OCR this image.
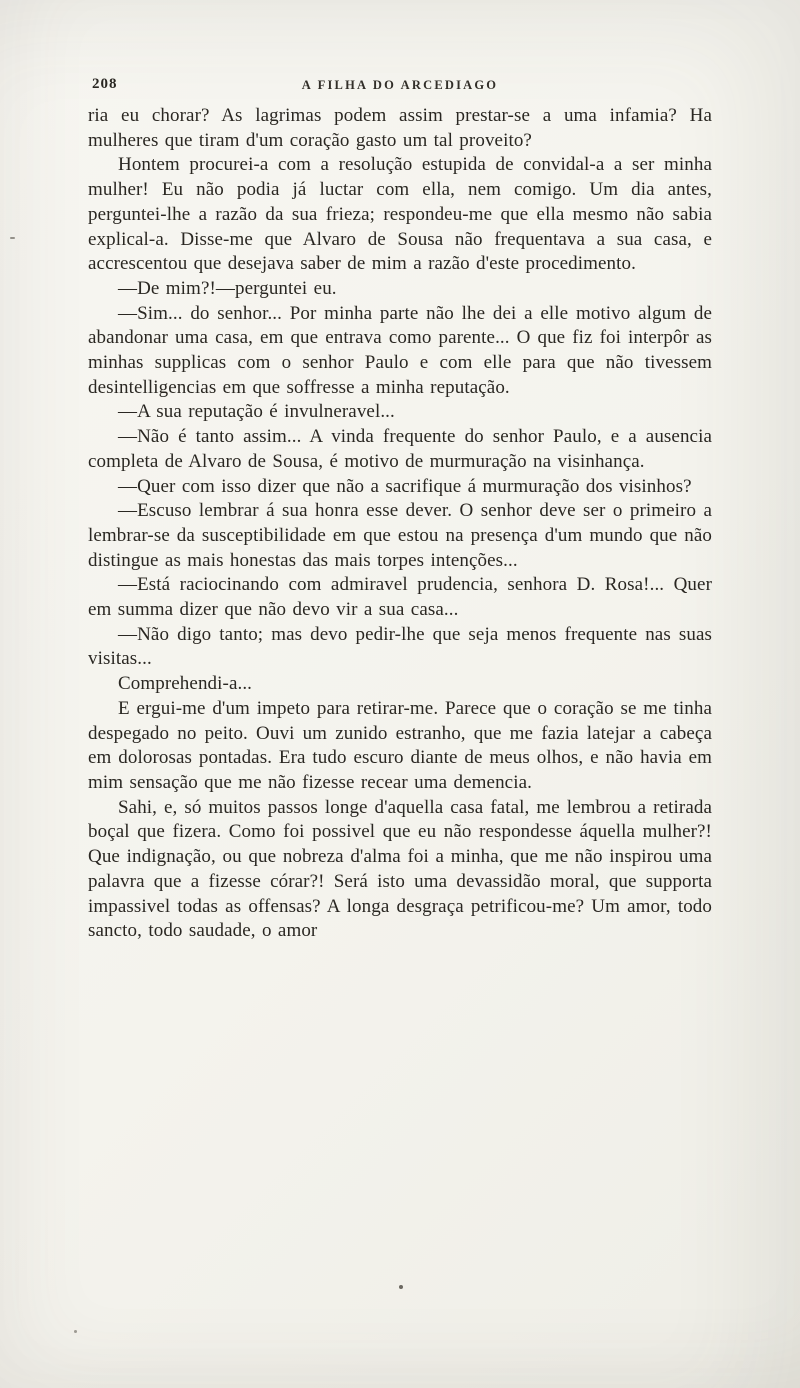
208	A FILHA DO ARCEDIAGO

ria eu chorar? As lagrimas podem assim prestar-se a uma infamia? Ha mulheres que tiram d'um coração gasto um tal proveito?

Hontem procurei-a com a resolução estupida de convidal-a a ser minha mulher! Eu não podia já luctar com ella, nem comigo. Um dia antes, perguntei-lhe a razão da sua frieza; respondeu-me que ella mesmo não sabia explical-a. Disse-me que Alvaro de Sousa não frequentava a sua casa, e accrescentou que desejava saber de mim a razão d'este procedimento.

—De mim?!—perguntei eu.

—Sim... do senhor... Por minha parte não lhe dei a elle motivo algum de abandonar uma casa, em que entrava como parente... O que fiz foi interpôr as minhas supplicas com o senhor Paulo e com elle para que não tivessem desintelligencias em que soffresse a minha reputação.

—A sua reputação é invulneravel...

—Não é tanto assim... A vinda frequente do senhor Paulo, e a ausencia completa de Alvaro de Sousa, é motivo de murmuração na visinhança.

—Quer com isso dizer que não a sacrifique á murmuração dos visinhos?

—Escuso lembrar á sua honra esse dever. O senhor deve ser o primeiro a lembrar-se da susceptibilidade em que estou na presença d'um mundo que não distingue as mais honestas das mais torpes intenções...

—Está raciocinando com admiravel prudencia, senhora D. Rosa!... Quer em summa dizer que não devo vir a sua casa...

—Não digo tanto; mas devo pedir-lhe que seja menos frequente nas suas visitas...

Comprehendi-a...

E ergui-me d'um impeto para retirar-me. Parece que o coração se me tinha despegado no peito. Ouvi um zunido estranho, que me fazia latejar a cabeça em dolorosas pontadas. Era tudo escuro diante de meus olhos, e não havia em mim sensação que me não fizesse recear uma demencia.

Sahi, e, só muitos passos longe d'aquella casa fatal, me lembrou a retirada boçal que fizera. Como foi possivel que eu não respondesse áquella mulher?! Que indignação, ou que nobreza d'alma foi a minha, que me não inspirou uma palavra que a fizesse córar?! Será isto uma devassidão moral, que supporta impassivel todas as offensas? A longa desgraça petrificou-me? Um amor, todo sancto, todo saudade, o amor
